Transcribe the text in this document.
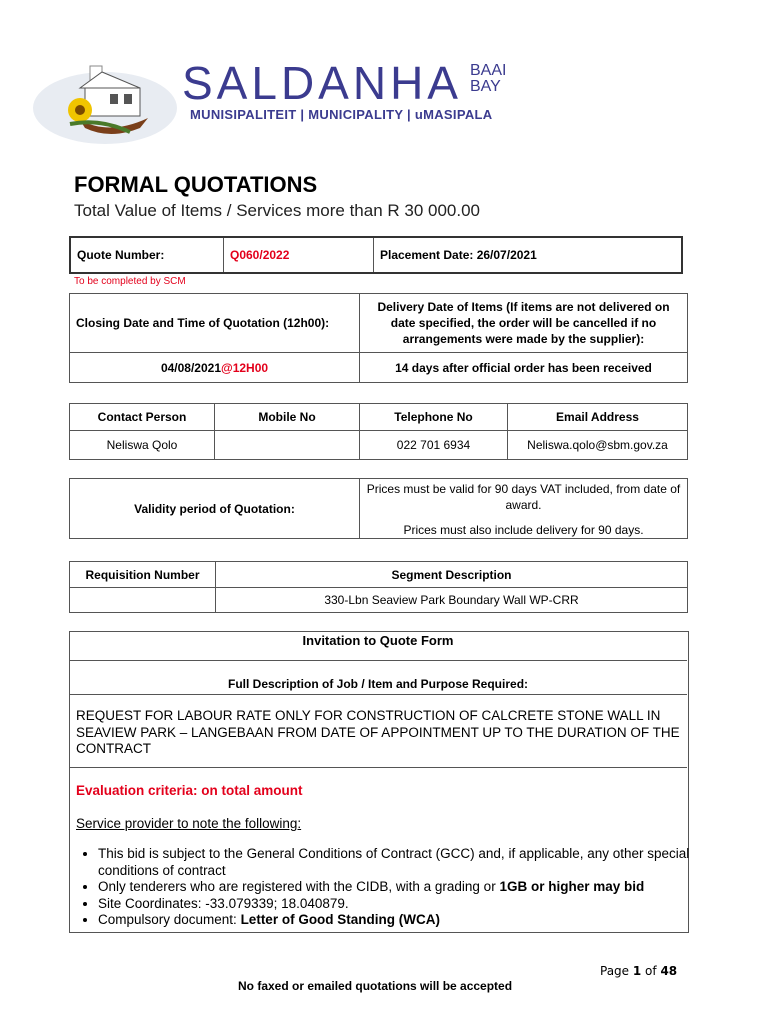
SALDANHA BAAI
BAY
MUNISIPALITEIT | MUNICIPALITY | uMASIPALA
FORMAL QUOTATIONS
Total Value of Items / Services more than R 30 000.00
Quote Number:	Q060/2022	Placement Date: 26/07/2021
To be completed by SCM
Closing Date and Time of Quotation (12h00):	Delivery Date of Items (If items are not delivered on date specified, the order will be cancelled if no arrangements were made by the supplier):
04/08/2021@12H00	14 days after official order has been received
Contact Person	Mobile No	Telephone No	Email Address
Neliswa Qolo		022 701 6934	Neliswa.qolo@sbm.gov.za
Validity period of Quotation:	
Prices must be valid for 90 days VAT included, from date of award.
Prices must also include delivery for 90 days.
Requisition Number	Segment Description
	330-Lbn Seaview Park Boundary Wall WP-CRR
Invitation to Quote Form
Full Description of Job / Item and Purpose Required:
REQUEST FOR LABOUR RATE ONLY FOR CONSTRUCTION OF CALCRETE STONE WALL IN SEAVIEW PARK – LANGEBAAN FROM DATE OF APPOINTMENT UP TO THE DURATION OF THE CONTRACT
Evaluation criteria: on total amount
Service provider to note the following:
• This bid is subject to the General Conditions of Contract (GCC) and, if applicable, any other special conditions of contract
• Only tenderers who are registered with the CIDB, with a grading or 1GB or higher may bid
• Site Coordinates: -33.079339; 18.040879.
• Compulsory document: Letter of Good Standing (WCA)
Page 1 of 48
No faxed or emailed quotations will be accepted
